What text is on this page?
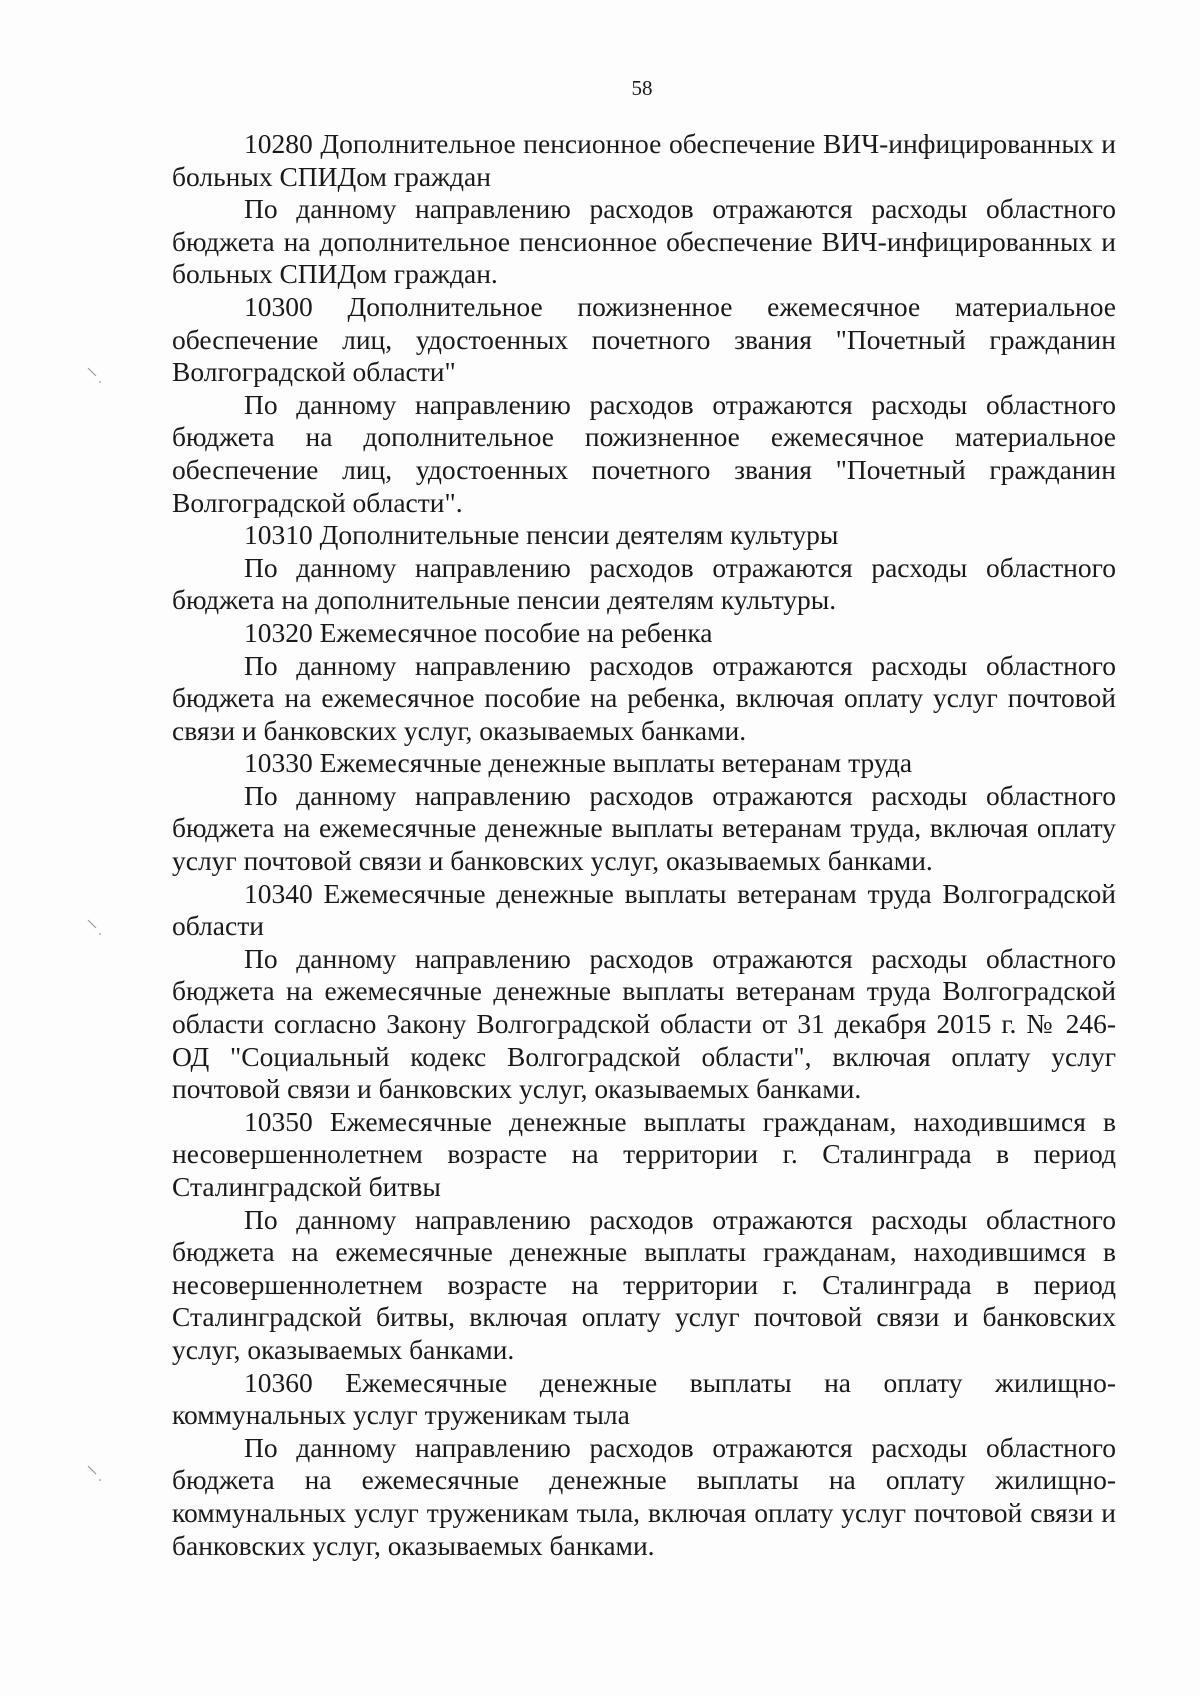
58

10280 Дополнительное пенсионное обеспечение ВИЧ-инфицированных и больных СПИДом граждан

По данному направлению расходов отражаются расходы областного бюджета на дополнительное пенсионное обеспечение ВИЧ-инфицированных и больных СПИДом граждан.

10300 Дополнительное пожизненное ежемесячное материальное обеспечение лиц, удостоенных почетного звания "Почетный гражданин Волгоградской области"

По данному направлению расходов отражаются расходы областного бюджета на дополнительное пожизненное ежемесячное материальное обеспечение лиц, удостоенных почетного звания "Почетный гражданин Волгоградской области".

10310 Дополнительные пенсии деятелям культуры

По данному направлению расходов отражаются расходы областного бюджета на дополнительные пенсии деятелям культуры.

10320 Ежемесячное пособие на ребенка

По данному направлению расходов отражаются расходы областного бюджета на ежемесячное пособие на ребенка, включая оплату услуг почтовой связи и банковских услуг, оказываемых банками.

10330 Ежемесячные денежные выплаты ветеранам труда

По данному направлению расходов отражаются расходы областного бюджета на ежемесячные денежные выплаты ветеранам труда, включая оплату услуг почтовой связи и банковских услуг, оказываемых банками.

10340 Ежемесячные денежные выплаты ветеранам труда Волгоградской области

По данному направлению расходов отражаются расходы областного бюджета на ежемесячные денежные выплаты ветеранам труда Волгоградской области согласно Закону Волгоградской области от 31 декабря 2015 г. № 246-ОД "Социальный кодекс Волгоградской области", включая оплату услуг почтовой связи и банковских услуг, оказываемых банками.

10350 Ежемесячные денежные выплаты гражданам, находившимся в несовершеннолетнем возрасте на территории г. Сталинграда в период Сталинградской битвы

По данному направлению расходов отражаются расходы областного бюджета на ежемесячные денежные выплаты гражданам, находившимся в несовершеннолетнем возрасте на территории г. Сталинграда в период Сталинградской битвы, включая оплату услуг почтовой связи и банковских услуг, оказываемых банками.

10360 Ежемесячные денежные выплаты на оплату жилищно-коммунальных услуг труженикам тыла

По данному направлению расходов отражаются расходы областного бюджета на ежемесячные денежные выплаты на оплату жилищно-коммунальных услуг труженикам тыла, включая оплату услуг почтовой связи и банковских услуг, оказываемых банками.
